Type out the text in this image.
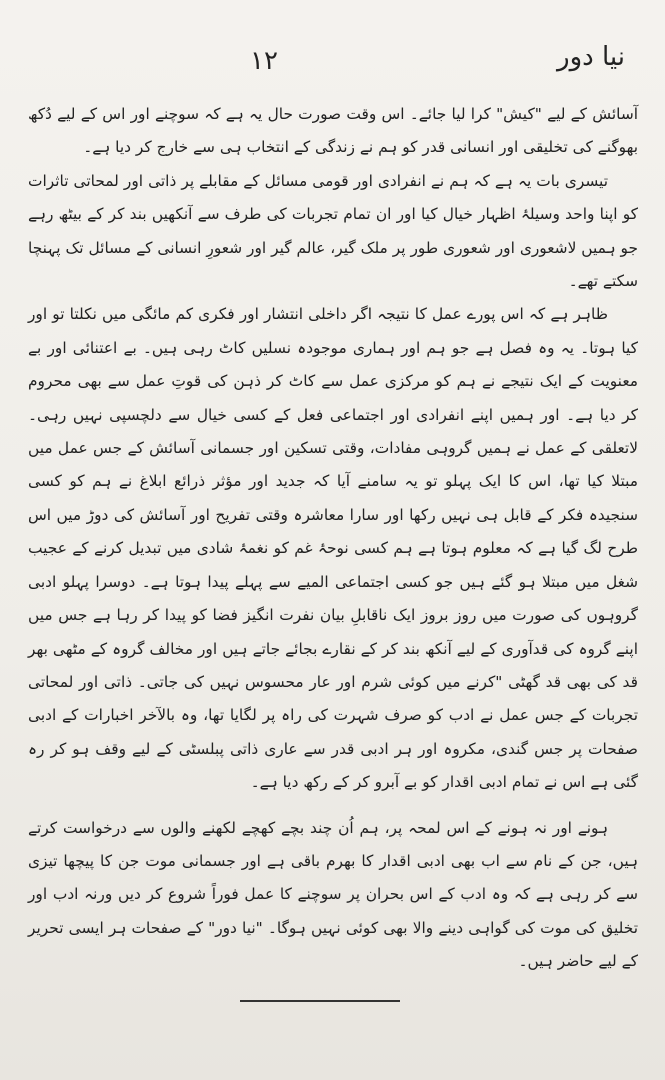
۱۲	نیا دور

آسائش کے لیے "کیش" کرا لیا جائے۔ اس وقت صورت حال یہ ہے کہ سوچنے اور اس کے لیے دُکھ بھوگنے کی تخلیقی اور انسانی قدر کو ہم نے زندگی کے انتخاب ہی سے خارج کر دیا ہے۔

تیسری بات یہ ہے کہ ہم نے انفرادی اور قومی مسائل کے مقابلے پر ذاتی اور لمحاتی تاثرات کو اپنا واحد وسیلۂ اظہار خیال کیا اور ان تمام تجربات کی طرف سے آنکھیں بند کر کے بیٹھ رہے جو ہمیں لاشعوری اور شعوری طور پر ملک گیر، عالم گیر اور شعورِ انسانی کے مسائل تک پہنچا سکتے تھے۔

ظاہر ہے کہ اس پورے عمل کا نتیجہ اگر داخلی انتشار اور فکری کم مائگی میں نکلتا تو اور کیا ہوتا۔ یہ وہ فصل ہے جو ہم اور ہماری موجودہ نسلیں کاٹ رہی ہیں۔ بے اعتنائی اور بے معنویت کے ایک نتیجے نے ہم کو مرکزی عمل سے کاٹ کر ذہن کی قوتِ عمل سے بھی محروم کر دیا ہے۔ اور ہمیں اپنے انفرادی اور اجتماعی فعل کے کسی خیال سے دلچسپی نہیں رہی۔ لاتعلقی کے عمل نے ہمیں گروہی مفادات، وقتی تسکین اور جسمانی آسائش کے جس عمل میں مبتلا کیا تھا، اس کا ایک پہلو تو یہ سامنے آیا کہ جدید اور مؤثر ذرائع ابلاغ نے ہم کو کسی سنجیدہ فکر کے قابل ہی نہیں رکھا اور سارا معاشرہ وقتی تفریح اور آسائش کی دوڑ میں اس طرح لگ گیا ہے کہ معلوم ہوتا ہے ہم کسی نوحۂ غم کو نغمۂ شادی میں تبدیل کرنے کے عجیب شغل میں مبتلا ہو گئے ہیں جو کسی اجتماعی المیے سے پہلے پیدا ہوتا ہے۔ دوسرا پہلو ادبی گروہوں کی صورت میں روز بروز ایک ناقابلِ بیان نفرت انگیز فضا کو پیدا کر رہا ہے جس میں اپنے گروہ کی قدآوری کے لیے آنکھ بند کر کے نقارے بجائے جاتے ہیں اور مخالف گروہ کے مٹھی بھر قد کی بھی قد گھٹی "کرنے میں کوئی شرم اور عار محسوس نہیں کی جاتی۔ ذاتی اور لمحاتی تجربات کے جس عمل نے ادب کو صرف شہرت کی راہ پر لگایا تھا، وہ بالآخر اخبارات کے ادبی صفحات پر جس گندی، مکروہ اور ہر ادبی قدر سے عاری ذاتی پبلسٹی کے لیے وقف ہو کر رہ گئی ہے اس نے تمام ادبی اقدار کو بے آبرو کر کے رکھ دیا ہے۔

ہونے اور نہ ہونے کے اس لمحہ پر، ہم اُن چند بچے کھچے لکھنے والوں سے درخواست کرتے ہیں، جن کے نام سے اب بھی ادبی اقدار کا بھرم باقی ہے اور جسمانی موت جن کا پیچھا تیزی سے کر رہی ہے کہ وہ ادب کے اس بحران پر سوچنے کا عمل فوراً شروع کر دیں ورنہ ادب اور تخلیق کی موت کی گواہی دینے والا بھی کوئی نہیں ہوگا۔ "نیا دور" کے صفحات ہر ایسی تحریر کے لیے حاضر ہیں۔
